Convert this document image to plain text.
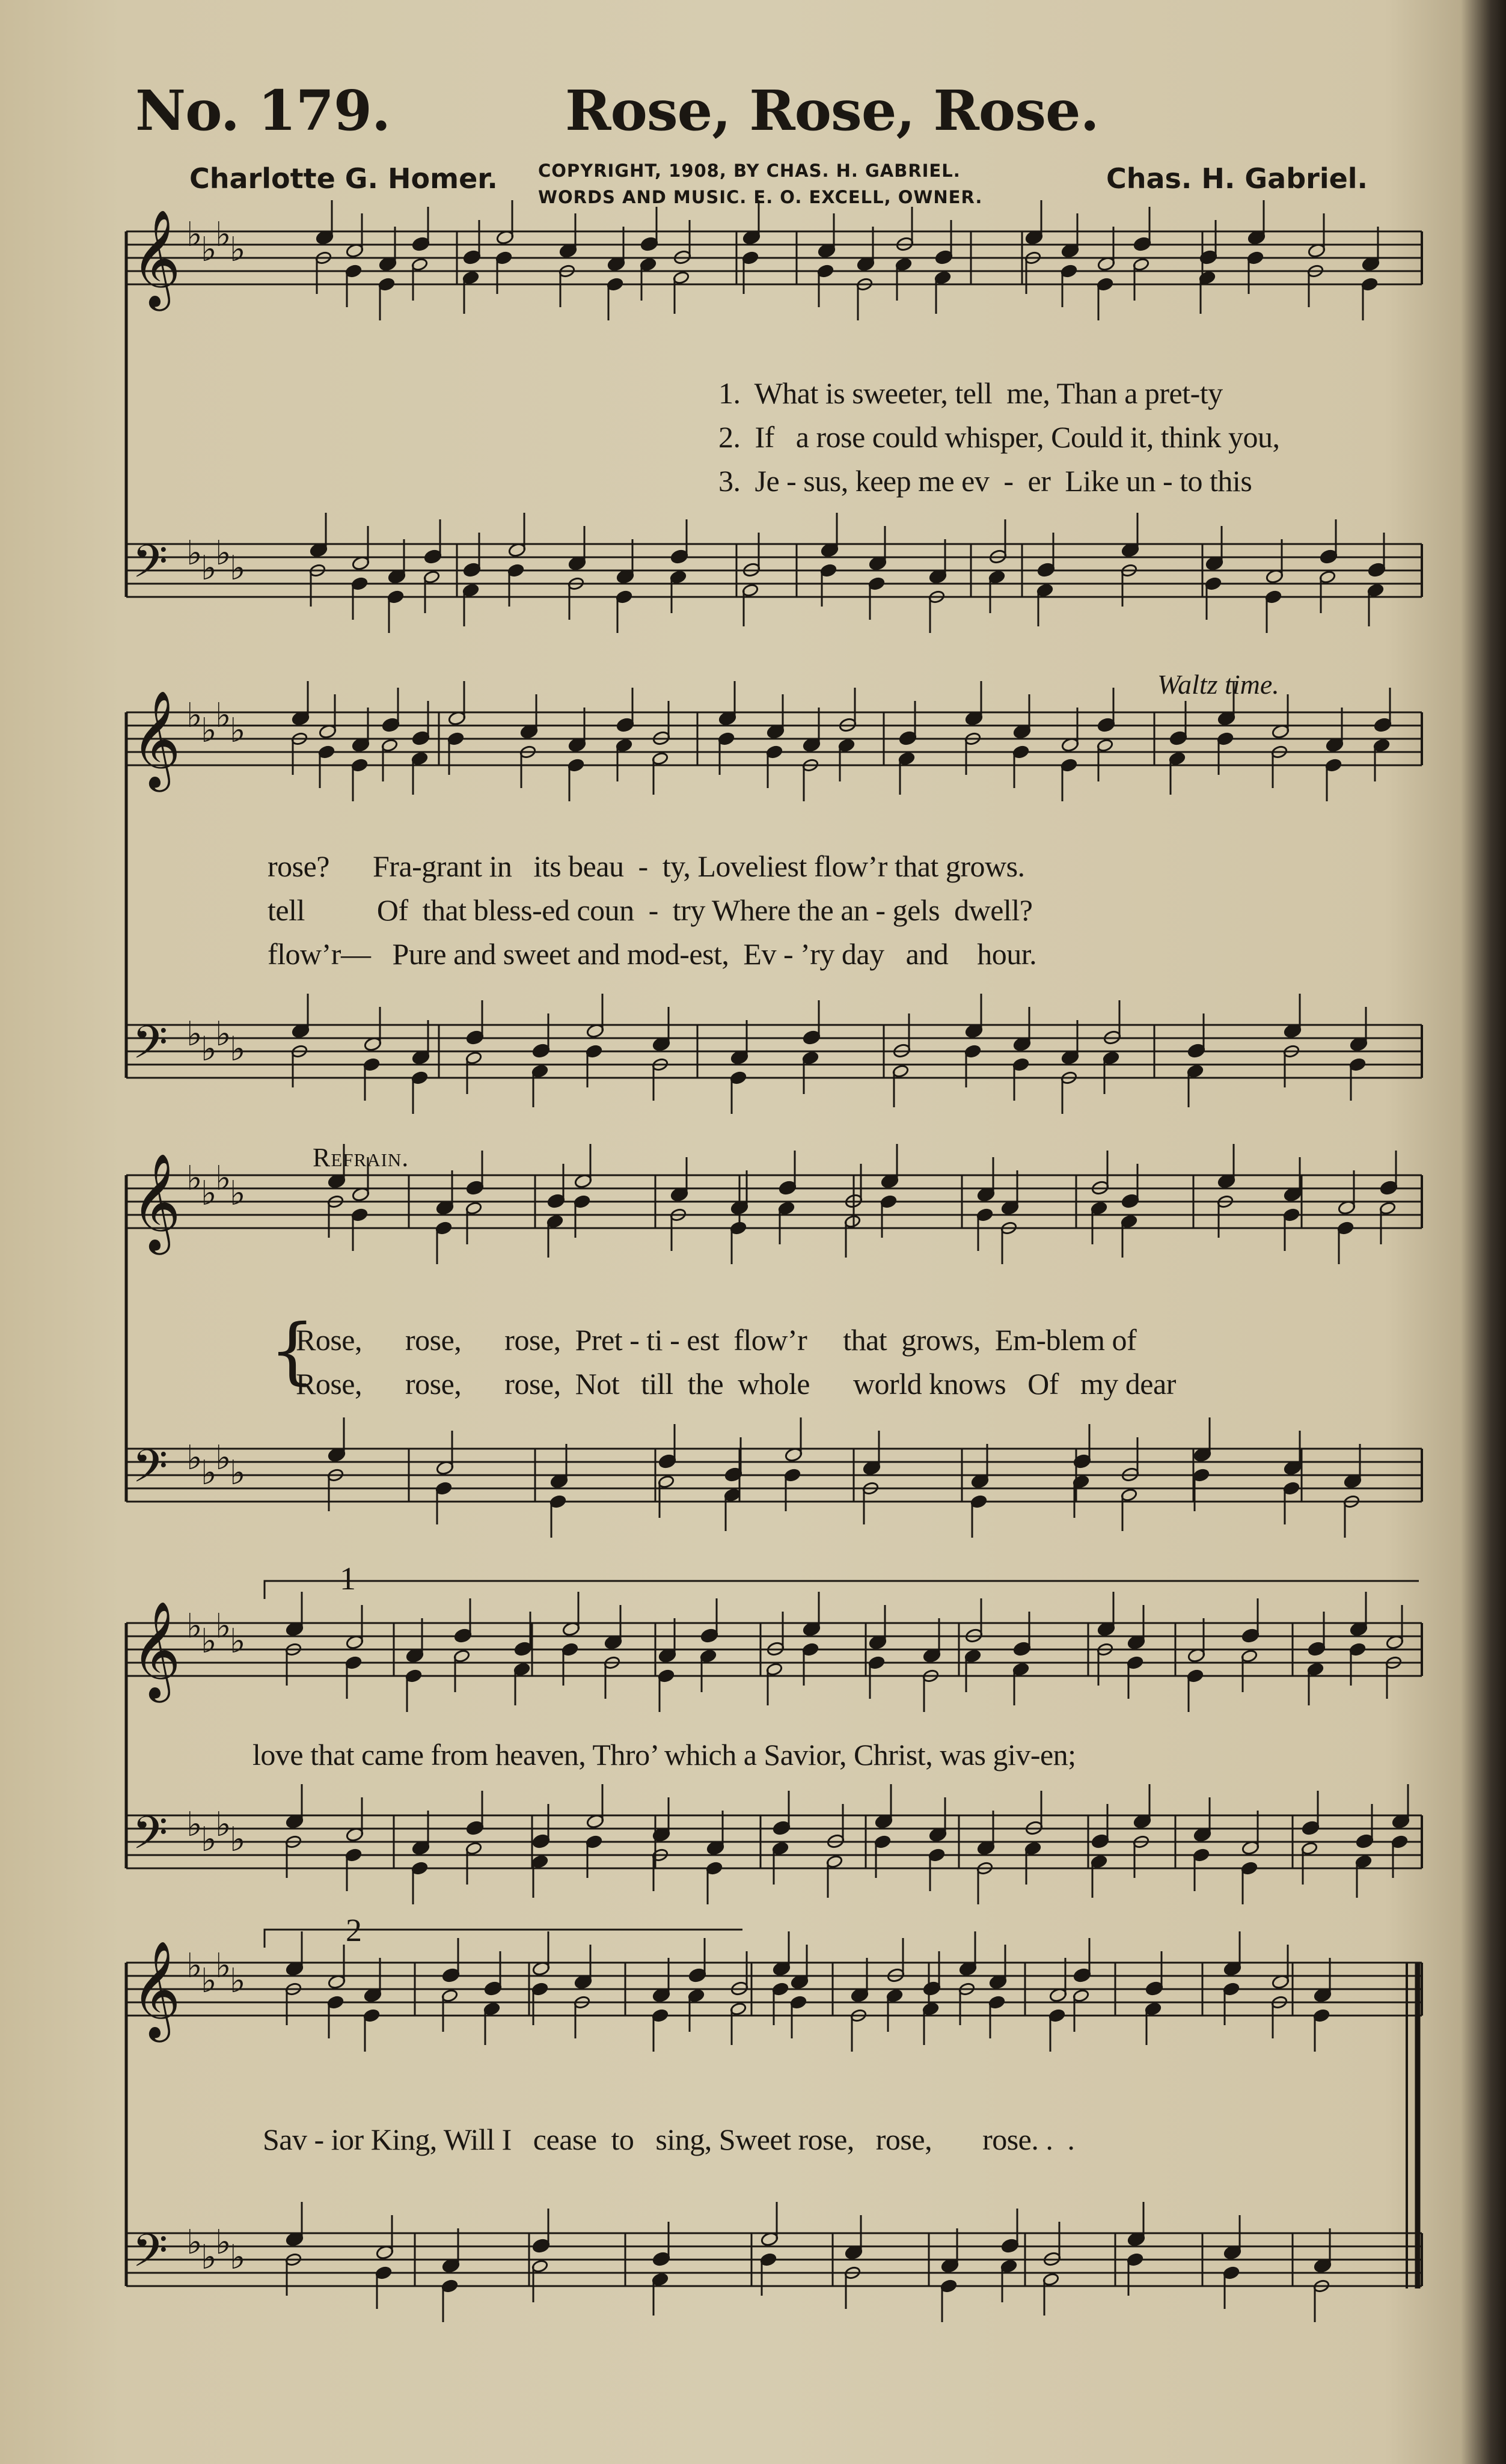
No. 179.	Rose, Rose, Rose.
Charlotte G. Homer. COPYRIGHT, 1908, BY CHAS. H. GABRIEL.
WORDS AND MUSIC. E. O. EXCELL, OWNER.
Chas. H. Gabriel.
𝄞
𝄢
♭
♭
♭
♭
♭
♭
♭
♭
𝄞
𝄢
♭
♭
♭
♭
♭
♭
♭
♭
𝄞
𝄢
♭
♭
♭
♭
♭
♭
♭
♭
𝄞
𝄢
♭
♭
♭
♭
♭
♭
♭
♭
𝄞
𝄢
♭
♭
♭
♭
♭
♭
♭
♭
1.  What is sweeter, tell  me, Than a pret-ty
2.  If   a rose could whisper, Could it, think you,
3.  Je - sus, keep me ev  -  er  Like un - to this
Waltz time.
rose?      Fra-grant in   its beau  -  ty, Loveliest flow’r that grows.
tell          Of  that bless-ed coun  -  try Where the an - gels  dwell?
flow’r—   Pure and sweet and mod-est,  Ev - ’ry day   and    hour.
Refrain.
{
Rose,      rose,      rose,  Pret - ti - est  flow’r     that  grows,  Em-blem of
Rose,      rose,      rose,  Not   till  the  whole      world knows   Of   my dear
love that came from heaven, Thro’ which a Savior, Christ, was giv-en;
Sav - ior King, Will I   cease  to   sing, Sweet rose,   rose,       rose. .  .
1
2
